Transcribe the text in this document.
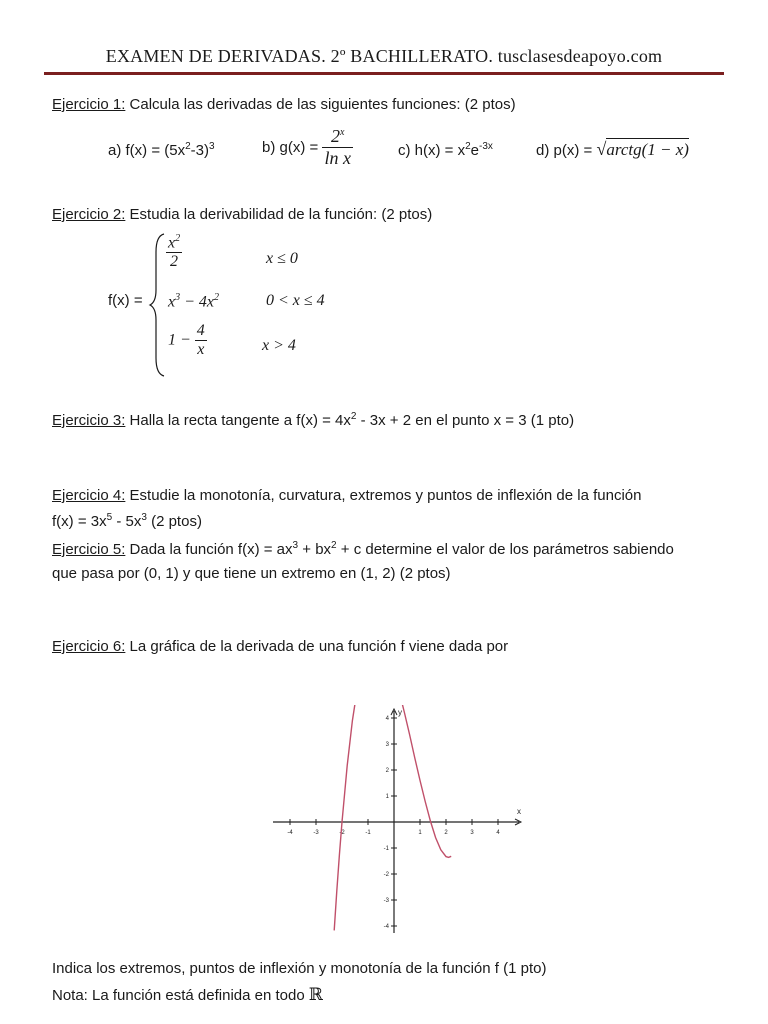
EXAMEN DE DERIVADAS. 2º BACHILLERATO. tusclasesdeapoyo.com
Ejercicio 1: Calcula las derivadas de las siguientes funciones: (2 ptos)
a) $f(x) = (5x^2-3)^3$	b) $g(x) = \frac{2^x}{\text{ln x}}$	c) $h(x) = x^2e^{-3x}$	d) p(x) = √arctg(1 − x)
Ejercicio 2: Estudia la derivabilidad de la función: (2 ptos)
f(x) =
$\frac{x^2}{2}$	x ≤ 0
$x^3 - 4x^2$	0 < x ≤ 4
$1 - \frac{4}{x}$	x > 4
Ejercicio 3: Halla la recta tangente a $f(x) = 4x^2 - 3x + 2$ en el punto x = 3 (1 pto)
Ejercicio 4: Estudie la monotonía, curvatura, extremos y puntos de inflexión de la función
$f(x) = 3x^5 - 5x^3$ (2 ptos)
Ejercicio 5: Dada la función $f(x) = ax^3 + bx^2 + c$ determine el valor de los parámetros sabiendo
que pasa por (0, 1) y que tiene un extremo en (1, 2) (2 ptos)
Ejercicio 6: La gráfica de la derivada de una función f viene dada por
x
y
-4	-3	-2	-1	1	2	3	4
-4
-3
-2
-1
1
2
3
4
Indica los extremos, puntos de inflexión y monotonía de la función f (1 pto)
Nota: La función está definida en todo ℝ
